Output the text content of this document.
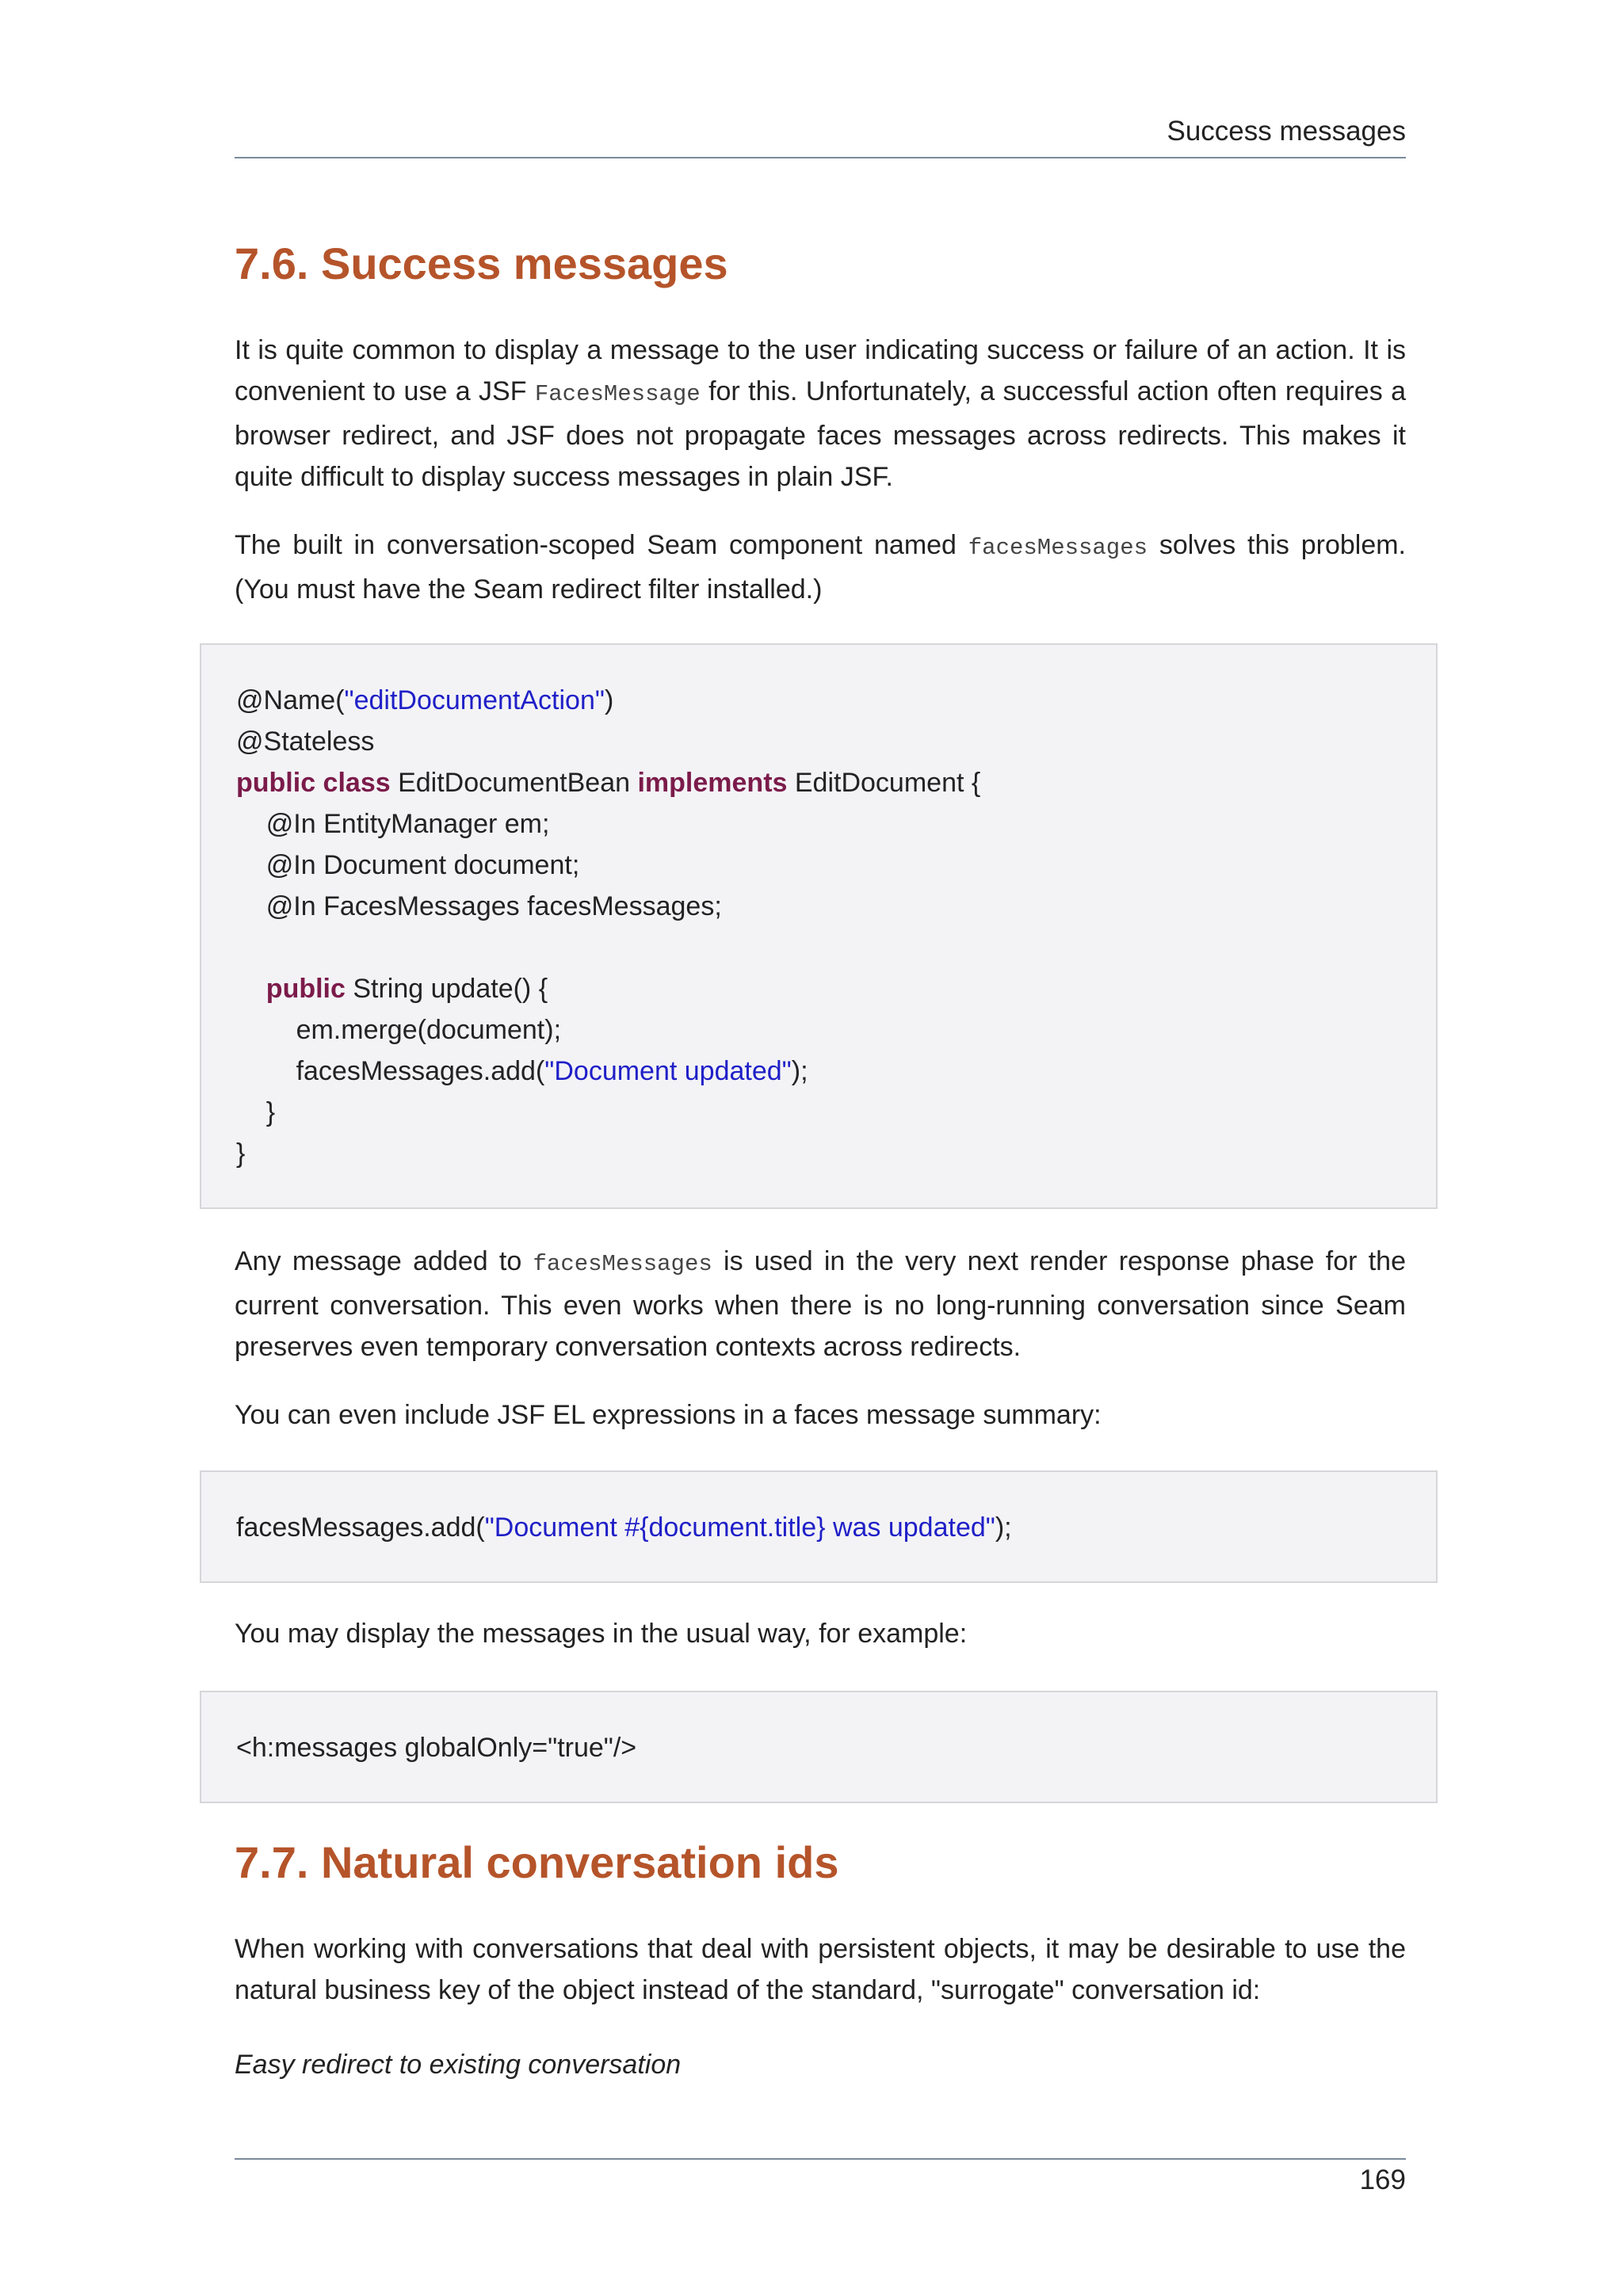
Success messages
7.6. Success messages

It is quite common to display a message to the user indicating success or failure of an action. It is convenient to use a JSF FacesMessage for this. Unfortunately, a successful action often requires a browser redirect, and JSF does not propagate faces messages across redirects. This makes it quite difficult to display success messages in plain JSF.

The built in conversation-scoped Seam component named facesMessages solves this problem. (You must have the Seam redirect filter installed.)

@Name("editDocumentAction")
@Stateless
public class EditDocumentBean implements EditDocument {
@In EntityManager em;
@In Document document;
@In FacesMessages facesMessages;

public String update() {
em.merge(document);
facesMessages.add("Document updated");
}
}

Any message added to facesMessages is used in the very next render response phase for the current conversation. This even works when there is no long-running conversation since Seam preserves even temporary conversation contexts across redirects.

You can even include JSF EL expressions in a faces message summary:

facesMessages.add("Document #{document.title} was updated");

You may display the messages in the usual way, for example:

<h:messages globalOnly="true"/>
7.7. Natural conversation ids

When working with conversations that deal with persistent objects, it may be desirable to use the natural business key of the object instead of the standard, "surrogate" conversation id:

Easy redirect to existing conversation

169
